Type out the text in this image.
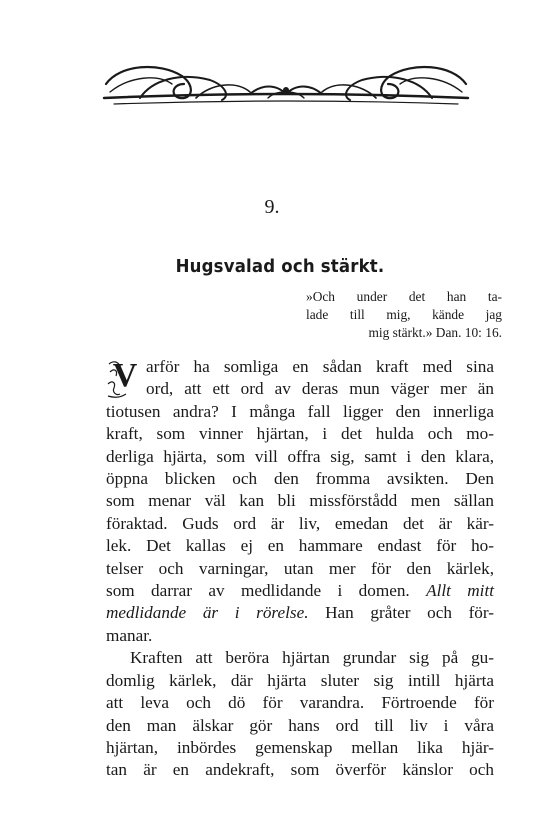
9.
Hugsvalad och stärkt.
»Och under det han ta-
lade till mig, kände jag
mig stärkt.» Dan. 10: 16.
V arför ha somliga en sådan kraft med sina
ord, att ett ord av deras mun väger mer än
tiotusen andra? I många fall ligger den innerliga
kraft, som vinner hjärtan, i det hulda och mo-
derliga hjärta, som vill offra sig, samt i den klara,
öppna blicken och den fromma avsikten. Den
som menar väl kan bli missförstådd men sällan
föraktad. Guds ord är liv, emedan det är kär-
lek. Det kallas ej en hammare endast för ho-
telser och varningar, utan mer för den kärlek,
som darrar av medlidande i domen. Allt mitt
medlidande är i rörelse. Han gråter och för-
manar.
Kraften att beröra hjärtan grundar sig på gu-
domlig kärlek, där hjärta sluter sig intill hjärta
att leva och dö för varandra. Förtroende för
den man älskar gör hans ord till liv i våra
hjärtan, inbördes gemenskap mellan lika hjär-
tan är en andekraft, som överför känslor och
